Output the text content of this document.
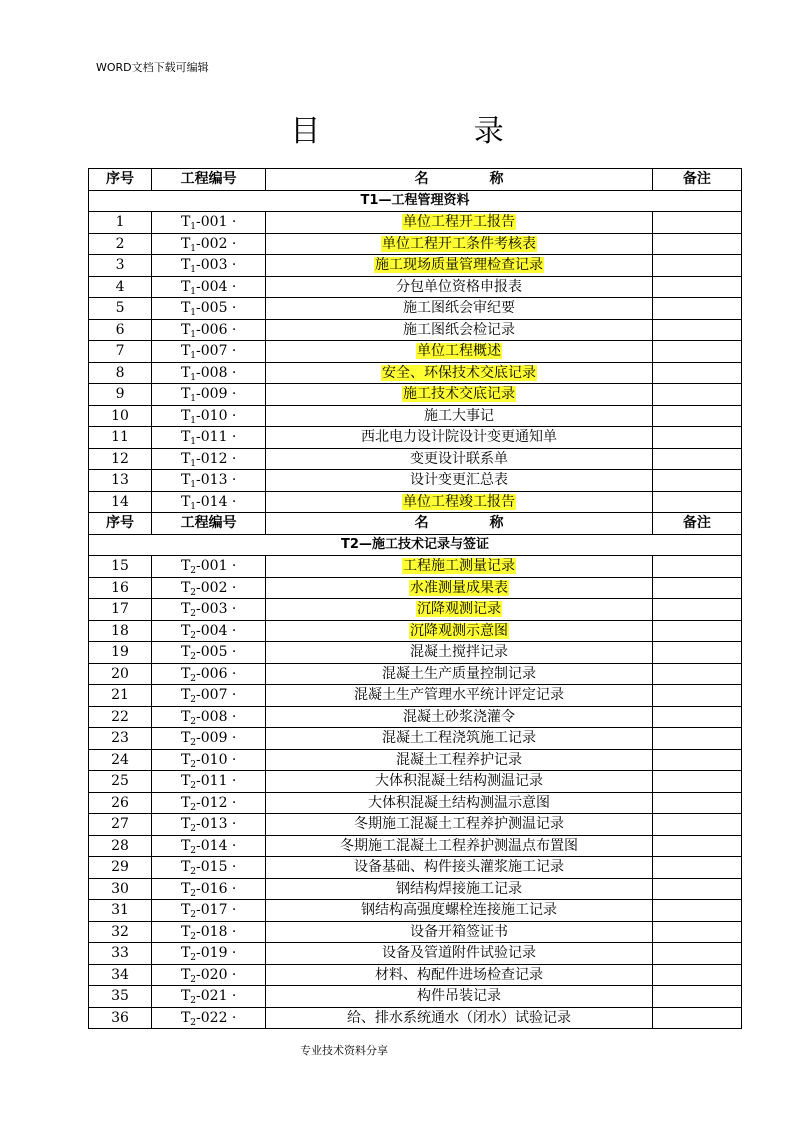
WORD文档下载可编辑
目 录
序号	工程编号	名 称	备注
T1—工程管理资料			
1	$T_1-001$ ·	单位工程开工报告	
2	$T_1-002$ ·	单位工程开工条件考核表	
3	$T_1-003$ ·	施工现场质量管理检查记录	
4	$T_1-004$ ·	分包单位资格申报表	
5	$T_1-005$ ·	施工图纸会审纪要	
6	$T_1-006$ ·	施工图纸会检记录	
7	$T_1-007$ ·	单位工程概述	
8	$T_1-008$ ·	安全、环保技术交底记录	
9	$T_1-009$ ·	施工技术交底记录	
10	$T_1-010$ ·	施工大事记	
11	$T_1-011$ ·	西北电力设计院设计变更通知单	
12	$T_1-012$ ·	变更设计联系单	
13	$T_1-013$ ·	设计变更汇总表	
14	$T_1-014$ ·	单位工程竣工报告	
序号	工程编号	名 称	备注
T2—施工技术记录与签证			
15	$T_2-001$ ·	工程施工测量记录	
16	$T_2-002$ ·	水准测量成果表	
17	$T_2-003$ ·	沉降观测记录	
18	$T_2-004$ ·	沉降观测示意图	
19	$T_2-005$ ·	混凝土搅拌记录	
20	$T_2-006$ ·	混凝土生产质量控制记录	
21	$T_2-007$ ·	混凝土生产管理水平统计评定记录	
22	$T_2-008$ ·	混凝土砂浆浇灌令	
23	$T_2-009$ ·	混凝土工程浇筑施工记录	
24	$T_2-010$ ·	混凝土工程养护记录	
25	$T_2-011$ ·	大体积混凝土结构测温记录	
26	$T_2-012$ ·	大体积混凝土结构测温示意图	
27	$T_2-013$ ·	冬期施工混凝土工程养护测温记录	
28	$T_2-014$ ·	冬期施工混凝土工程养护测温点布置图	
29	$T_2-015$ ·	设备基础、构件接头灌浆施工记录	
30	$T_2-016$ ·	钢结构焊接施工记录	
31	$T_2-017$ ·	钢结构高强度螺栓连接施工记录	
32	$T_2-018$ ·	设备开箱签证书	
33	$T_2-019$ ·	设备及管道附件试验记录	
34	$T_2-020$ ·	材料、构配件进场检查记录	
35	$T_2-021$ ·	构件吊装记录	
36	$T_2-022$ ·	给、排水系统通水（闭水）试验记录	
专业技术资料分享
